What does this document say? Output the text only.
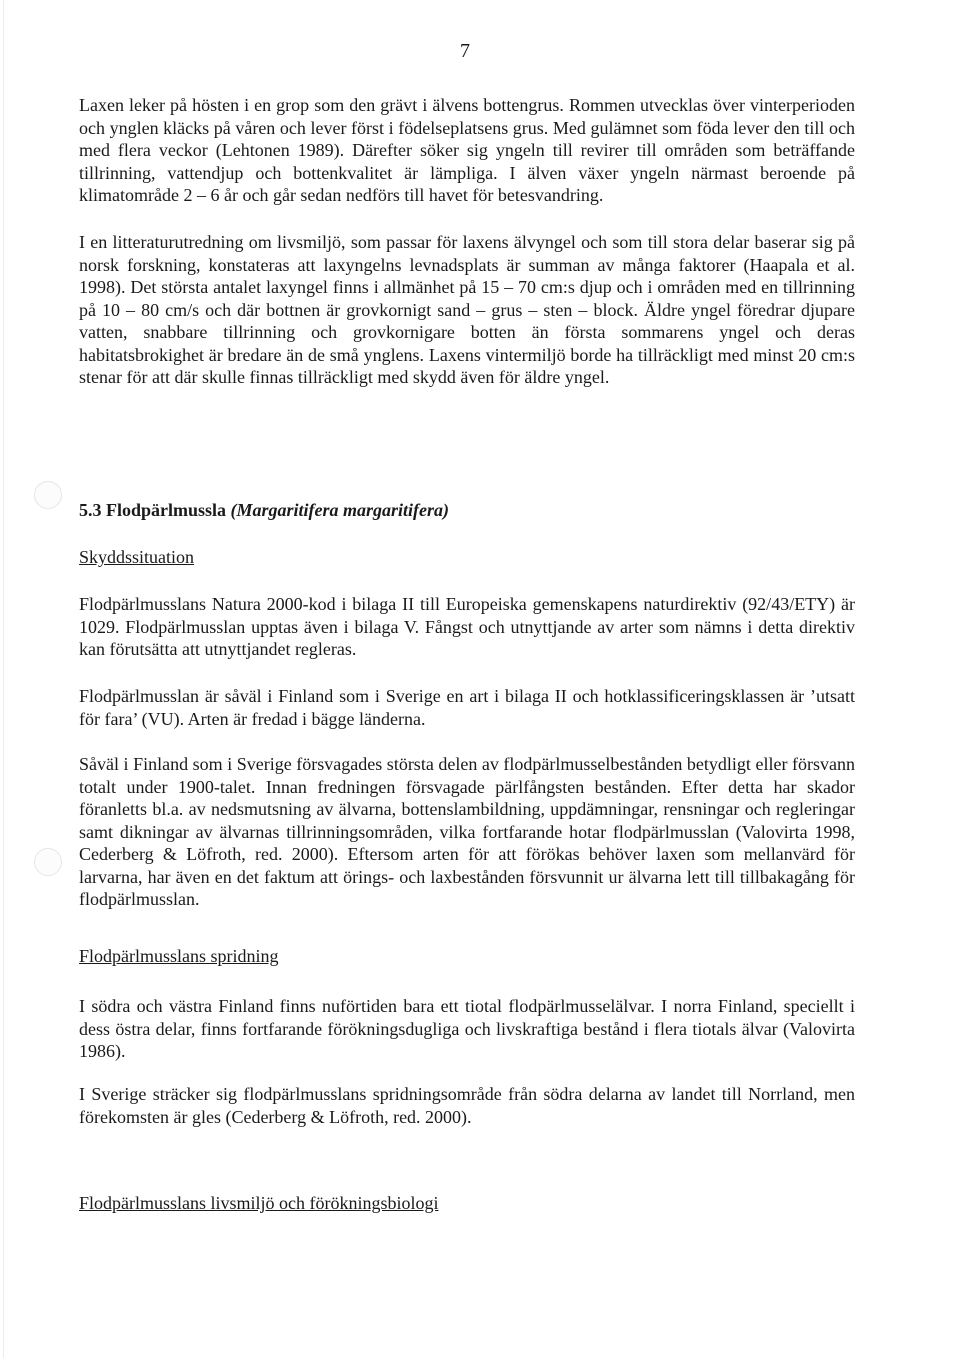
7

Laxen leker på hösten i en grop som den grävt i älvens bottengrus. Rommen utvecklas över vinterperioden och ynglen kläcks på våren och lever först i födelseplatsens grus. Med gulämnet som föda lever den till och med flera veckor (Lehtonen 1989). Därefter söker sig yngeln till revirer till områden som beträffande tillrinning, vattendjup och bottenkvalitet är lämpliga. I älven växer yngeln närmast beroende på klimatområde 2 – 6 år och går sedan nedförs till havet för betesvandring.

I en litteraturutredning om livsmiljö, som passar för laxens älvyngel och som till stora delar baserar sig på norsk forskning, konstateras att laxyngelns levnadsplats är summan av många faktorer (Haapala et al. 1998). Det största antalet laxyngel finns i allmänhet på 15 – 70 cm:s djup och i områden med en tillrinning på 10 – 80 cm/s och där bottnen är grovkornigt sand – grus – sten – block. Äldre yngel föredrar djupare vatten, snabbare tillrinning och grovkornigare botten än första sommarens yngel och deras habitatsbrokighet är bredare än de små ynglens. Laxens vintermiljö borde ha tillräckligt med minst 20 cm:s stenar för att där skulle finnas tillräckligt med skydd även för äldre yngel.

5.3 Flodpärlmussla (Margaritifera margaritifera)
Skyddssituation

Flodpärlmusslans Natura 2000-kod i bilaga II till Europeiska gemenskapens naturdirektiv (92/43/ETY) är 1029. Flodpärlmusslan upptas även i bilaga V. Fångst och utnyttjande av arter som nämns i detta direktiv kan förutsätta att utnyttjandet regleras.

Flodpärlmusslan är såväl i Finland som i Sverige en art i bilaga II och hotklassificeringsklassen är ’utsatt för fara’ (VU). Arten är fredad i bägge länderna.

Såväl i Finland som i Sverige försvagades största delen av flodpärlmusselbestånden betydligt eller försvann totalt under 1900-talet. Innan fredningen försvagade pärlfångsten bestånden. Efter detta har skador föranletts bl.a. av nedsmutsning av älvarna, bottenslambildning, uppdämningar, rensningar och regleringar samt dikningar av älvarnas tillrinningsområden, vilka fortfarande hotar flodpärlmusslan (Valovirta 1998, Cederberg & Löfroth, red. 2000). Eftersom arten för att förökas behöver laxen som mellanvärd för larvarna, har även en det faktum att örings- och laxbestånden försvunnit ur älvarna lett till tillbakagång för flodpärlmusslan.

Flodpärlmusslans spridning

I södra och västra Finland finns nuförtiden bara ett tiotal flodpärlmusselälvar. I norra Finland, speciellt i dess östra delar, finns fortfarande förökningsdugliga och livskraftiga bestånd i flera tiotals älvar (Valovirta 1986).

I Sverige sträcker sig flodpärlmusslans spridningsområde från södra delarna av landet till Norrland, men förekomsten är gles (Cederberg & Löfroth, red. 2000).

Flodpärlmusslans livsmiljö och förökningsbiologi
